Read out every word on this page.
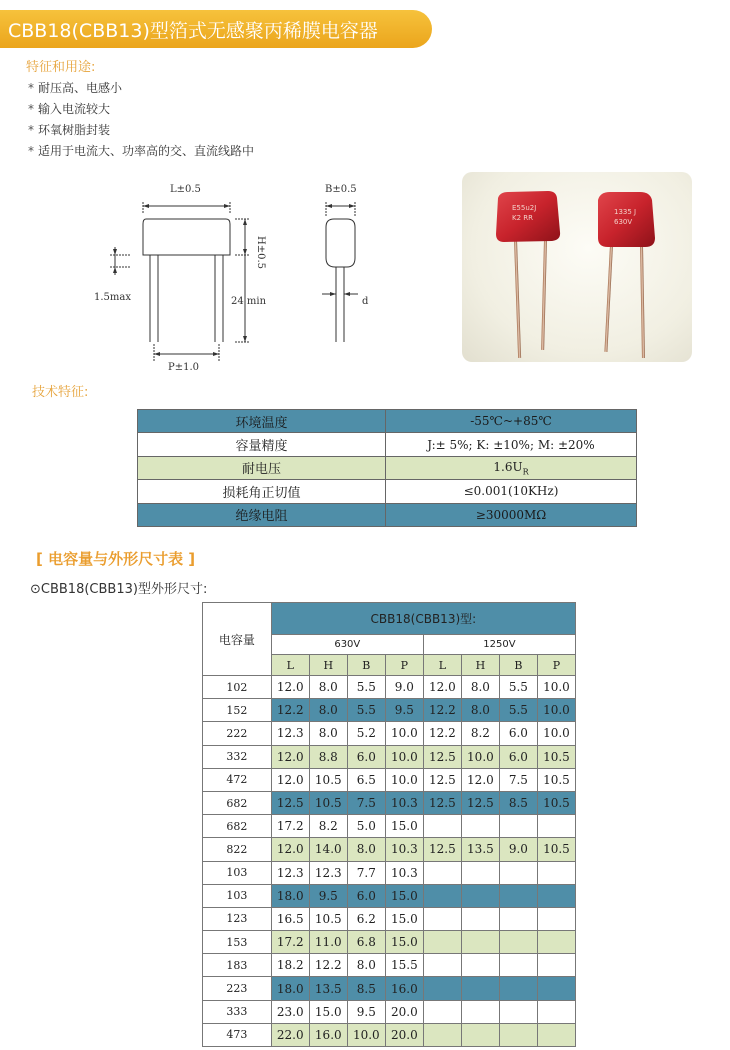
CBB18(CBB13)型箔式无感聚丙稀膜电容器
特征和用途:
* 耐压高、电感小
* 输入电流较大
* 环氧树脂封装
* 适用于电流大、功率高的交、直流线路中
L±0.5
H±0.5
1.5max	24 min
P±1.0
B±0.5
d
E55u2J
K2 RR
1335 J
630V
技术特征:
环境温度	-55℃~+85℃
容量精度	J:± 5%; K: ±10%; M: ±20%
耐电压	$1.6U_R$
损耗角正切值	≤0.001(10KHz)
绝缘电阻	≥30000MΩ
[ 电容量与外形尺寸表 ]
⊙CBB18(CBB13)型外形尺寸:
电容量	CBB18(CBB13)型:							
	630V				1250V			
	L	H	B	P	L	H	B	P
102	12.0	8.0	5.5	9.0	12.0	8.0	5.5	10.0
152	12.2	8.0	5.5	9.5	12.2	8.0	5.5	10.0
222	12.3	8.0	5.2	10.0	12.2	8.2	6.0	10.0
332	12.0	8.8	6.0	10.0	12.5	10.0	6.0	10.5
472	12.0	10.5	6.5	10.0	12.5	12.0	7.5	10.5
682	12.5	10.5	7.5	10.3	12.5	12.5	8.5	10.5
682	17.2	8.2	5.0	15.0				
822	12.0	14.0	8.0	10.3	12.5	13.5	9.0	10.5
103	12.3	12.3	7.7	10.3				
103	18.0	9.5	6.0	15.0				
123	16.5	10.5	6.2	15.0				
153	17.2	11.0	6.8	15.0				
183	18.2	12.2	8.0	15.5				
223	18.0	13.5	8.5	16.0				
333	23.0	15.0	9.5	20.0				
473	22.0	16.0	10.0	20.0				
